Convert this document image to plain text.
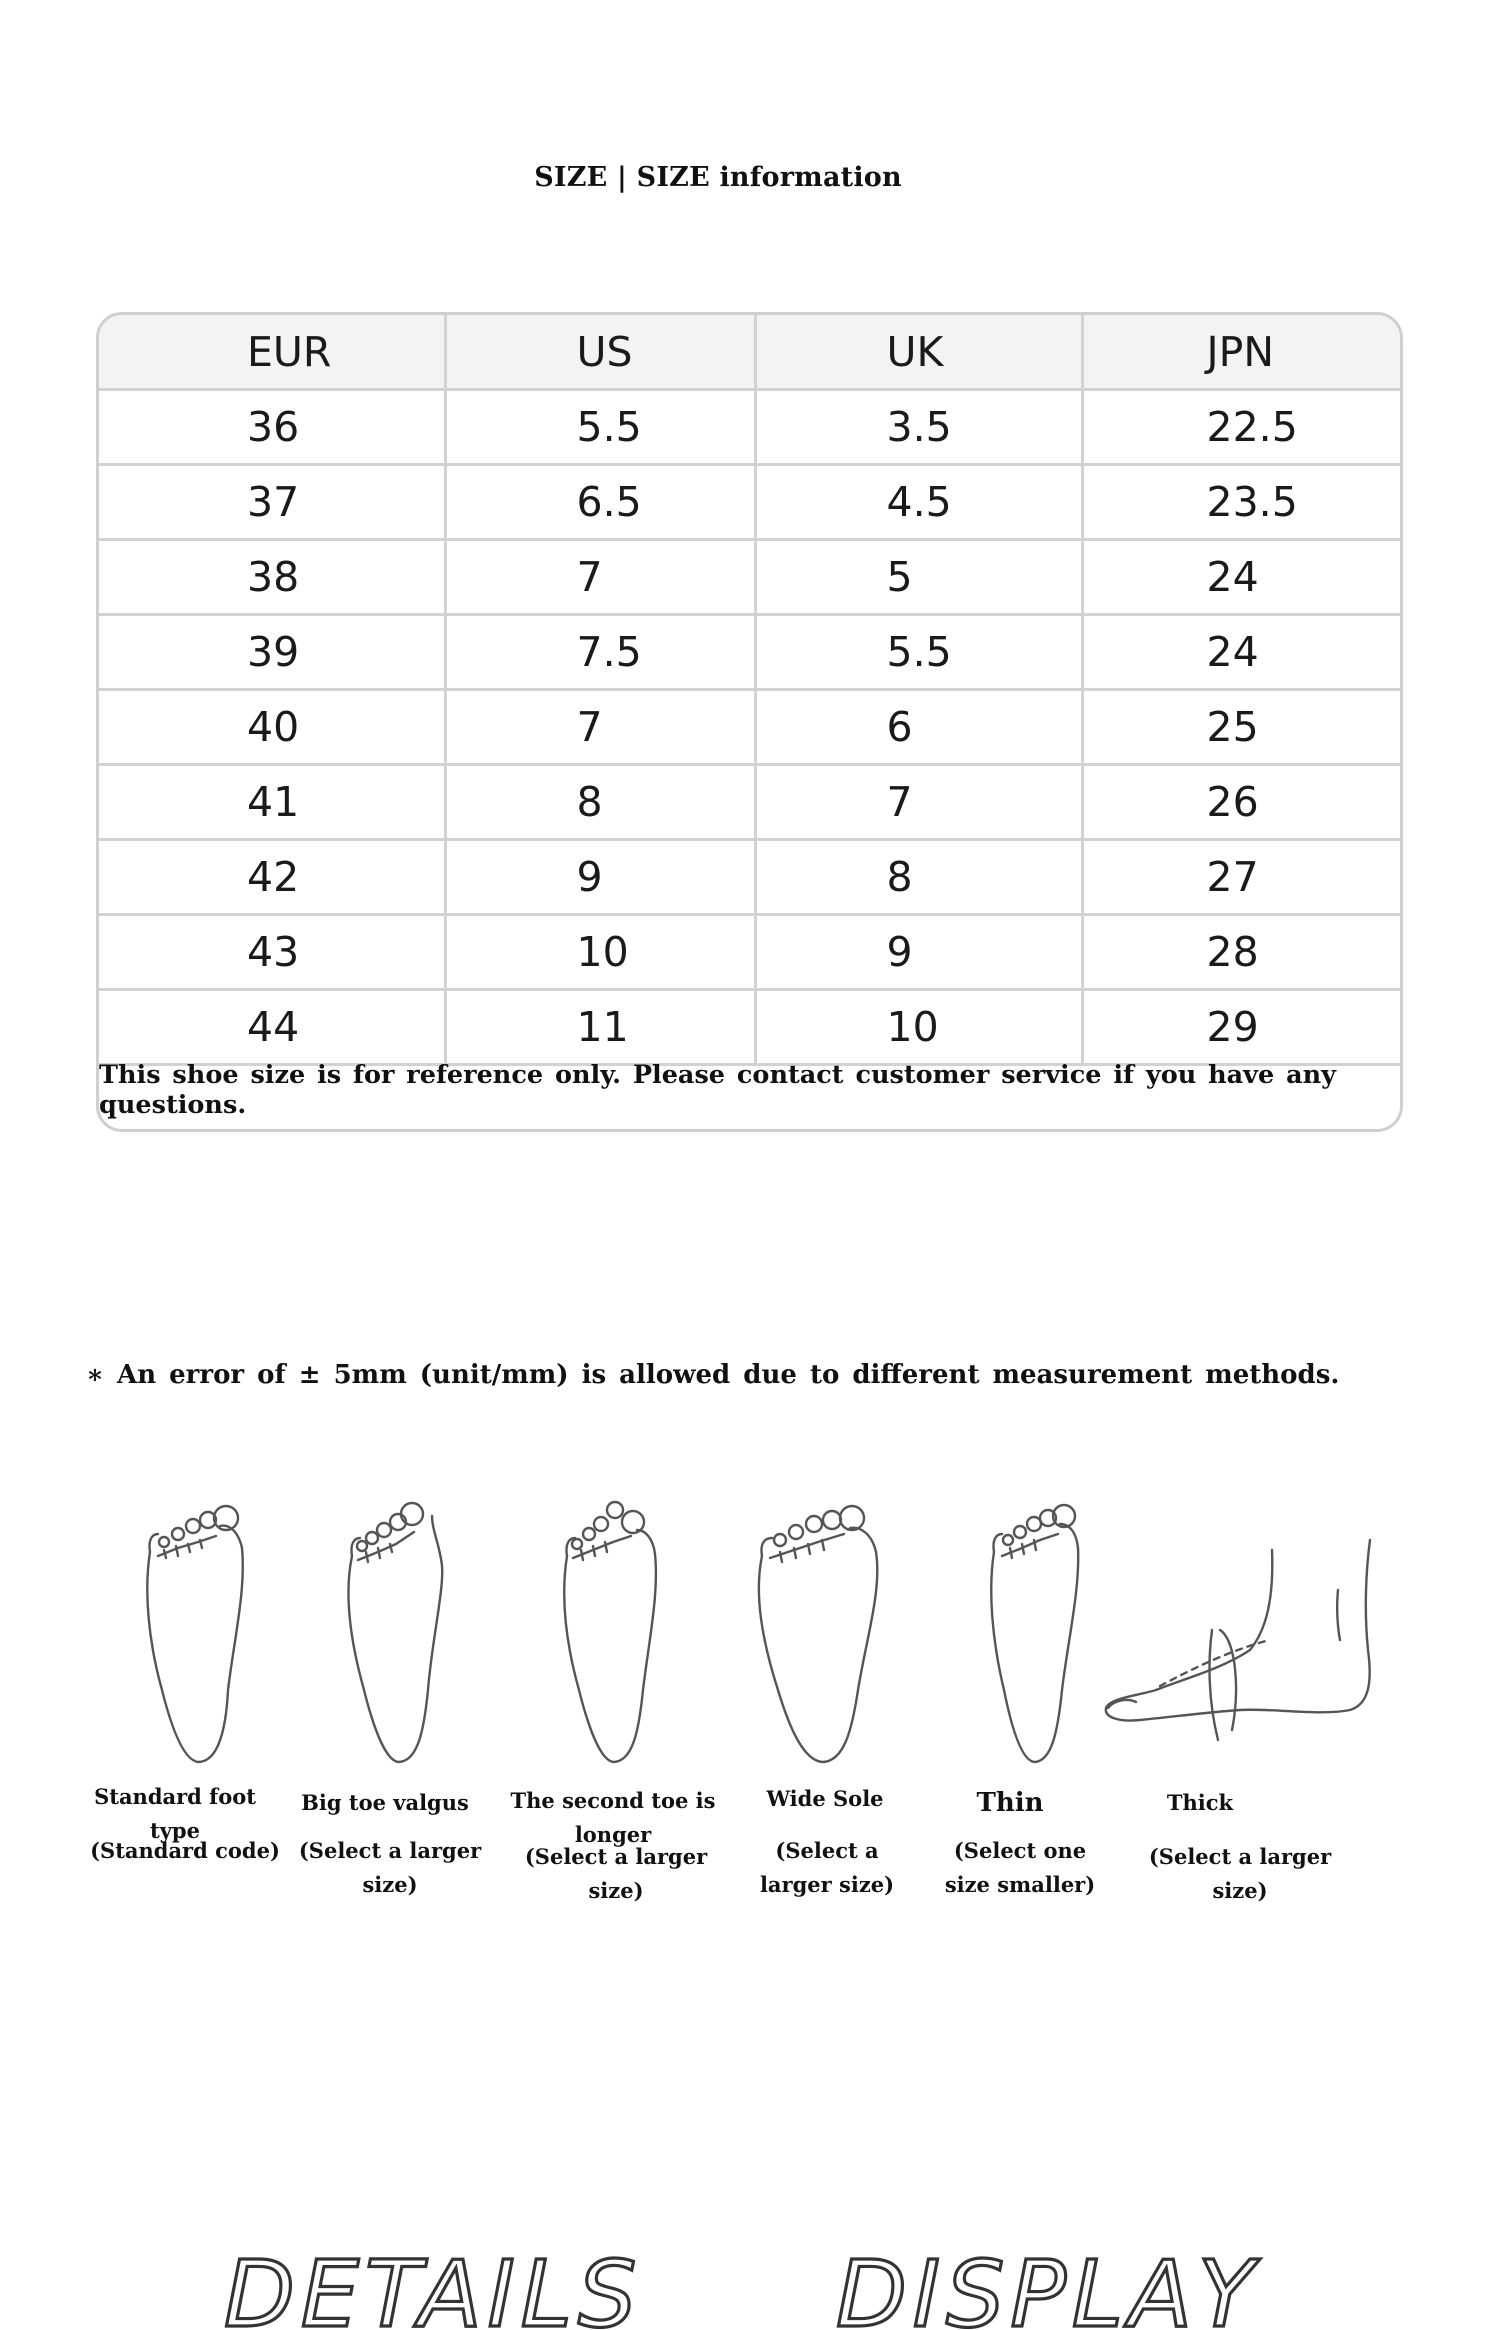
SIZE | SIZE information
EUR	US	UK	JPN
36	5.5	3.5	22.5
37	6.5	4.5	23.5
38	7	5	24
39	7.5	5.5	24
40	7	6	25
41	8	7	26
42	9	8	27
43	10	9	28
44	11	10	29
This shoe size is for reference only. Please contact customer service if you have any questions.
∗ An error of ± 5mm (unit/mm) is allowed due to different measurement methods.
Standard foot type
(Standard code)
Big toe valgus
(Select a larger size)
The second toe is longer
(Select a larger size)
Wide Sole
(Select a larger size)
Thin
(Select one size smaller)
Thick
(Select a larger size)
DETAILS DISPLAY
